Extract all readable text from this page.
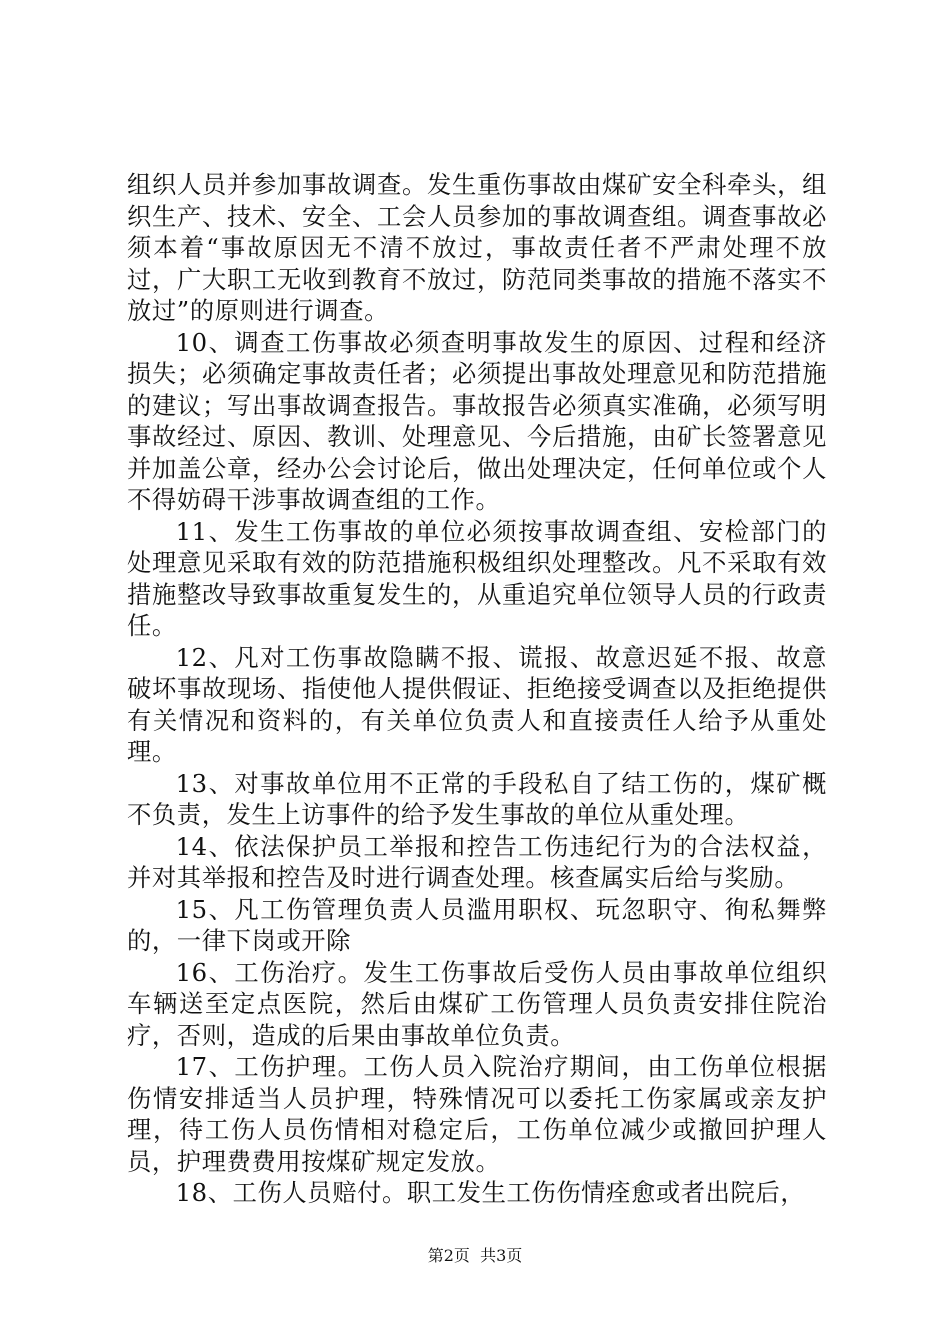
组织人员并参加事故调查。发生重伤事故由煤矿安全科牵头，组织生产、技术、安全、工会人员参加的事故调查组。调查事故必须本着“事故原因无不清不放过，事故责任者不严肃处理不放过，广大职工无收到教育不放过，防范同类事故的措施不落实不放过”的原则进行调查。

10、调查工伤事故必须查明事故发生的原因、过程和经济损失；必须确定事故责任者；必须提出事故处理意见和防范措施的建议；写出事故调查报告。事故报告必须真实准确，必须写明事故经过、原因、教训、处理意见、今后措施，由矿长签署意见并加盖公章，经办公会讨论后，做出处理决定，任何单位或个人不得妨碍干涉事故调查组的工作。

11、发生工伤事故的单位必须按事故调查组、安检部门的处理意见采取有效的防范措施积极组织处理整改。凡不采取有效措施整改导致事故重复发生的，从重追究单位领导人员的行政责任。

12、凡对工伤事故隐瞒不报、谎报、故意迟延不报、故意破坏事故现场、指使他人提供假证、拒绝接受调查以及拒绝提供有关情况和资料的，有关单位负责人和直接责任人给予从重处理。

13、对事故单位用不正常的手段私自了结工伤的，煤矿概不负责，发生上访事件的给予发生事故的单位从重处理。

14、依法保护员工举报和控告工伤违纪行为的合法权益，并对其举报和控告及时进行调查处理。核查属实后给与奖励。

15、凡工伤管理负责人员滥用职权、玩忽职守、徇私舞弊的，一律下岗或开除

16、工伤治疗。发生工伤事故后受伤人员由事故单位组织车辆送至定点医院，然后由煤矿工伤管理人员负责安排住院治疗，否则，造成的后果由事故单位负责。

17、工伤护理。工伤人员入院治疗期间，由工伤单位根据伤情安排适当人员护理，特殊情况可以委托工伤家属或亲友护理，待工伤人员伤情相对稳定后，工伤单位减少或撤回护理人员，护理费费用按煤矿规定发放。

18、工伤人员赔付。职工发生工伤伤情痊愈或者出院后，

第2页  共3页
